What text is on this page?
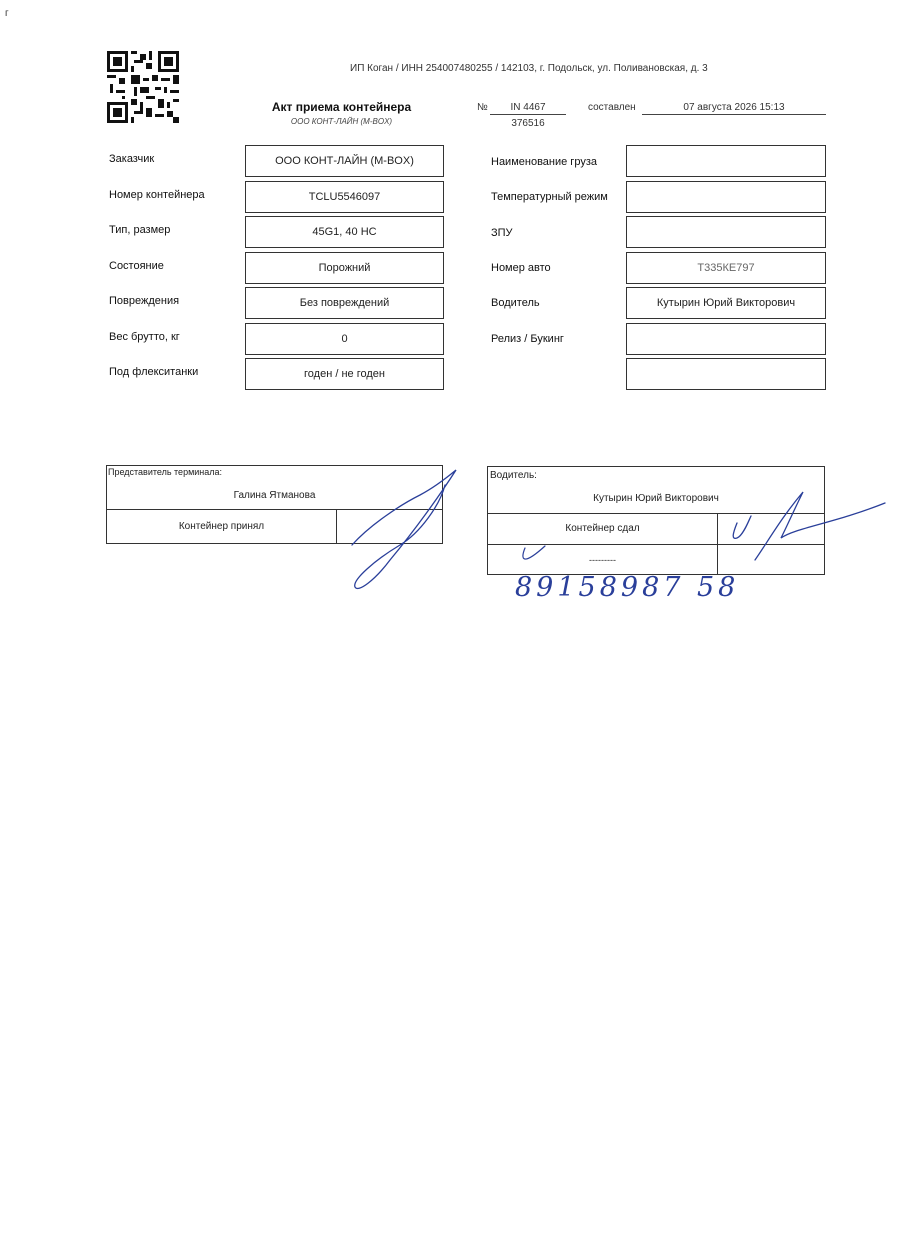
ИП Коган / ИНН 254007480255 / 142103, г. Подольск, ул. Поливановская, д. 3
Акт приема контейнера
ООО КОНТ-ЛАЙН (M-BOX)
№	IN 4467
376516
составлен	07 августа 2026 15:13
Заказчик	ООО КОНТ-ЛАЙН (M-BOX)
Номер контейнера	TCLU5546097
Тип, размер	45G1, 40 HC
Состояние	Порожний
Повреждения	Без повреждений
Вес брутто, кг	0
Под флекситанки	годен / не годен
Наименование груза
Температурный режим
ЗПУ
Номер авто	Т335КЕ797
Водитель	Кутырин Юрий Викторович
Релиз / Букинг
Представитель терминала:
Галина Ятманова
Контейнер принял
Водитель:
Кутырин Юрий Викторович
Контейнер сдал
---------
89158987 58
г
